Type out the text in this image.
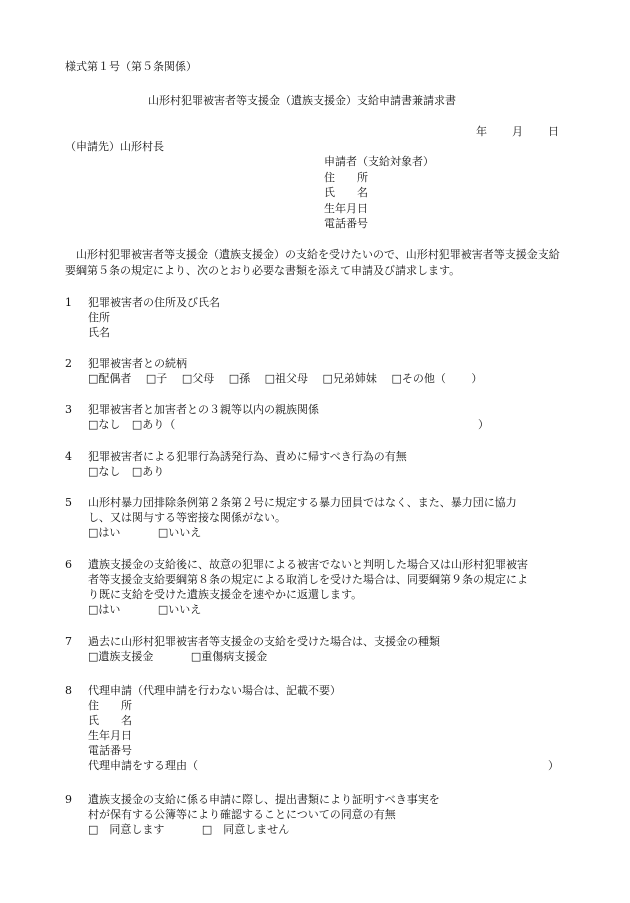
様式第１号（第５条関係）
山形村犯罪被害者等支援金（遺族支援金）支給申請書兼請求書
年 月 日
（申請先）山形村長
申請者（支給対象者）
住　　所
氏　　名
生年月日
電話番号
山形村犯罪被害者等支援金（遺族支援金）の支給を受けたいので、山形村犯罪被害者等支援金支給要綱第５条の規定により、次のとおり必要な書類を添えて申請及び請求します。
1 犯罪被害者の住所及び氏名
住所
氏名
2 犯罪被害者との続柄
□配偶者 □子 □父母 □孫 □祖父母 □兄弟姉妹 □その他（ ）
3 犯罪被害者と加害者との３親等以内の親族関係
□なし □あり（	）
4 犯罪被害者による犯罪行為誘発行為、責めに帰すべき行為の有無
□なし □あり
5 山形村暴力団排除条例第２条第２号に規定する暴力団員ではなく、また、暴力団に協力
し、又は関与する等密接な関係がない。
□はい	□いいえ
6 遺族支援金の支給後に、故意の犯罪による被害でないと判明した場合又は山形村犯罪被害
者等支援金支給要綱第８条の規定による取消しを受けた場合は、同要綱第９条の規定によ
り既に支給を受けた遺族支援金を速やかに返還します。
□はい	□いいえ
7 過去に山形村犯罪被害者等支援金の支給を受けた場合は、支援金の種類
□遺族支援金	□重傷病支援金
8 代理申請（代理申請を行わない場合は、記載不要）
住　　所
氏　　名
生年月日
電話番号
代理申請をする理由（	）
9 遺族支援金の支給に係る申請に際し、提出書類により証明すべき事実を
村が保有する公簿等により確認することについての同意の有無
□　同意します	□　同意しません
